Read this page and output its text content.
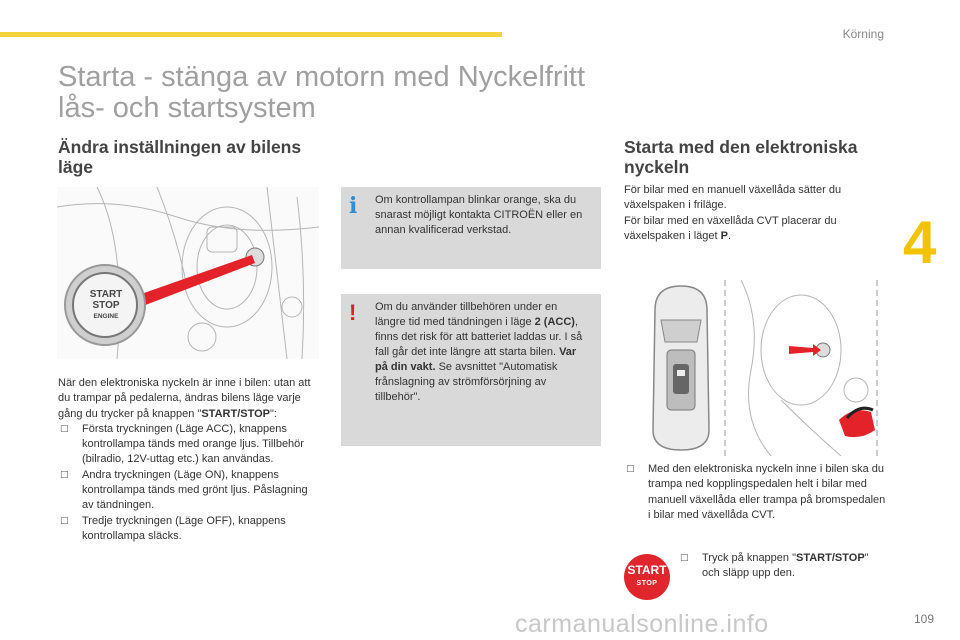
Körning
4
Starta - stänga av motorn med Nyckelfritt lås- och startsystem
Ändra inställningen av bilens läge
START
STOP
ENGINE
När den elektroniska nyckeln är inne i bilen: utan att du trampar på pedalerna, ändras bilens läge varje gång du trycker på knappen "START/STOP":
□ Första tryckningen (Läge ACC), knappens kontrollampa tänds med orange ljus. Tillbehör (bilradio, 12V-uttag etc.) kan användas.
□ Andra tryckningen (Läge ON), knappens kontrollampa tänds med grönt ljus. Påslagning av tändningen.
□ Tredje tryckningen (Läge OFF), knappens kontrollampa släcks.
i Om kontrollampan blinkar orange, ska du snarast möjligt kontakta CITROËN eller en annan kvalificerad verkstad.
! Om du använder tillbehören under en längre tid med tändningen i läge 2 (ACC), finns det risk för att batteriet laddas ur. I så fall går det inte längre att starta bilen. Var på din vakt. Se avsnittet "Automatisk frånslagning av strömförsörjning av tillbehör".
Starta med den elektroniska nyckeln
För bilar med en manuell växellåda sätter du växelspaken i friläge.
För bilar med en växellåda CVT placerar du växelspaken i läget P.
□ Med den elektroniska nyckeln inne i bilen ska du trampa ned kopplingspedalen helt i bilar med manuell växellåda eller trampa på bromspedalen i bilar med växellåda CVT.
START
STOP
□ Tryck på knappen "START/STOP" och släpp upp den.
carmanualsonline.info	109
